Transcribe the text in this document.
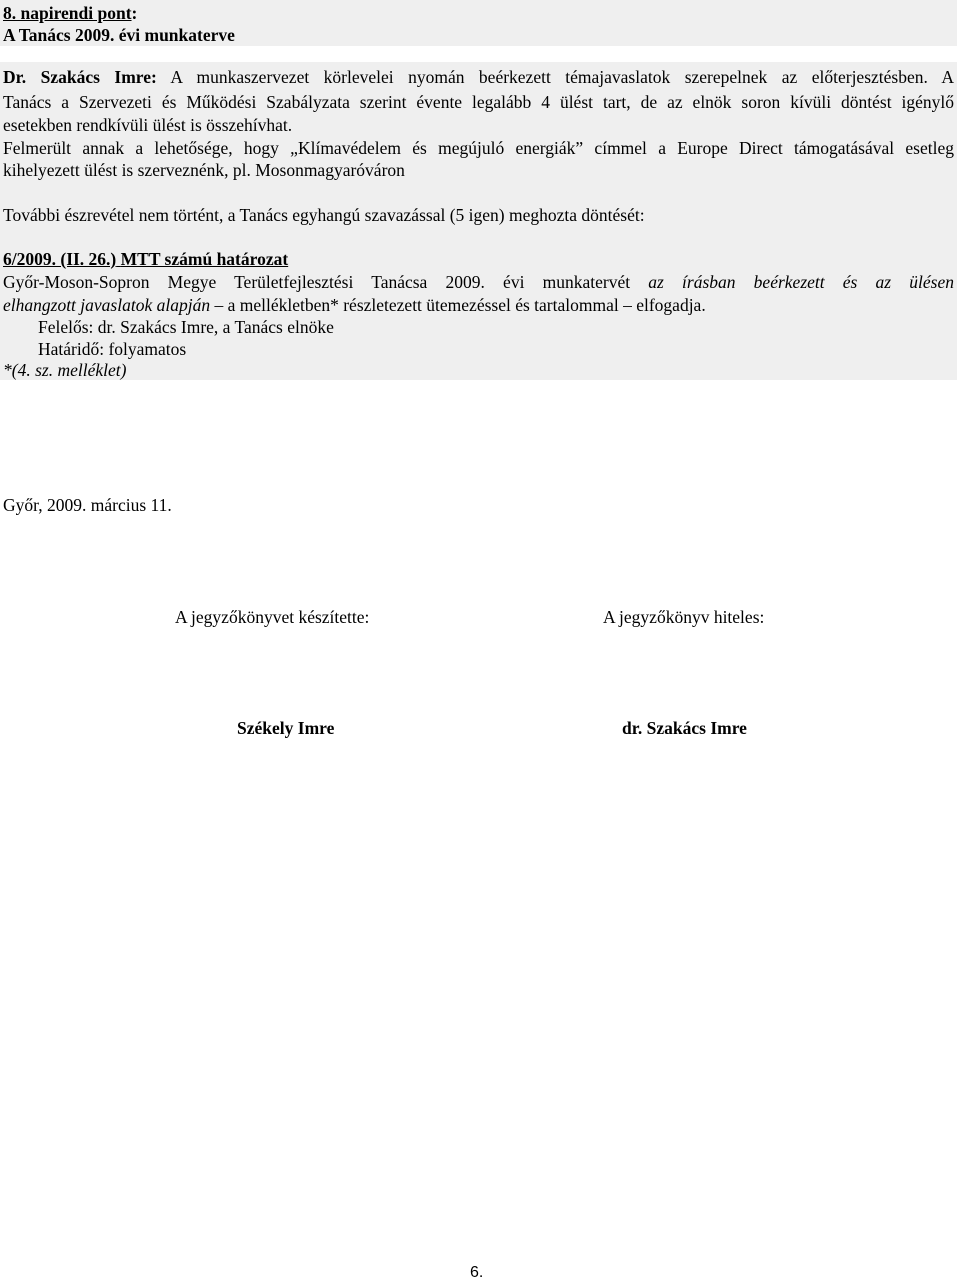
8. napirendi pont:
A Tanács 2009. évi munkaterve
Dr. Szakács Imre: A munkaszervezet körlevelei nyomán beérkezett témajavaslatok szerepelnek az előterjesztésben. A
Tanács a Szervezeti és Működési Szabályzata szerint évente legalább 4 ülést tart, de az elnök soron kívüli döntést igénylő
esetekben rendkívüli ülést is összehívhat.
Felmerült annak a lehetősége, hogy „Klímavédelem és megújuló energiák” címmel a Europe Direct támogatásával esetleg
kihelyezett ülést is szerveznénk, pl. Mosonmagyaróváron
További észrevétel nem történt, a Tanács egyhangú szavazással (5 igen) meghozta döntését:
6/2009. (II. 26.) MTT számú határozat
Győr-Moson-Sopron Megye Területfejlesztési Tanácsa 2009. évi munkatervét az írásban beérkezett és az ülésen
elhangzott javaslatok alapján – a mellékletben* részletezett ütemezéssel és tartalommal – elfogadja.
Felelős: dr. Szakács Imre, a Tanács elnöke
Határidő: folyamatos
*(4. sz. melléklet)
Győr, 2009. március 11.
A jegyzőkönyvet készítette:	A jegyzőkönyv hiteles:
Székely Imre	dr. Szakács Imre
6.
